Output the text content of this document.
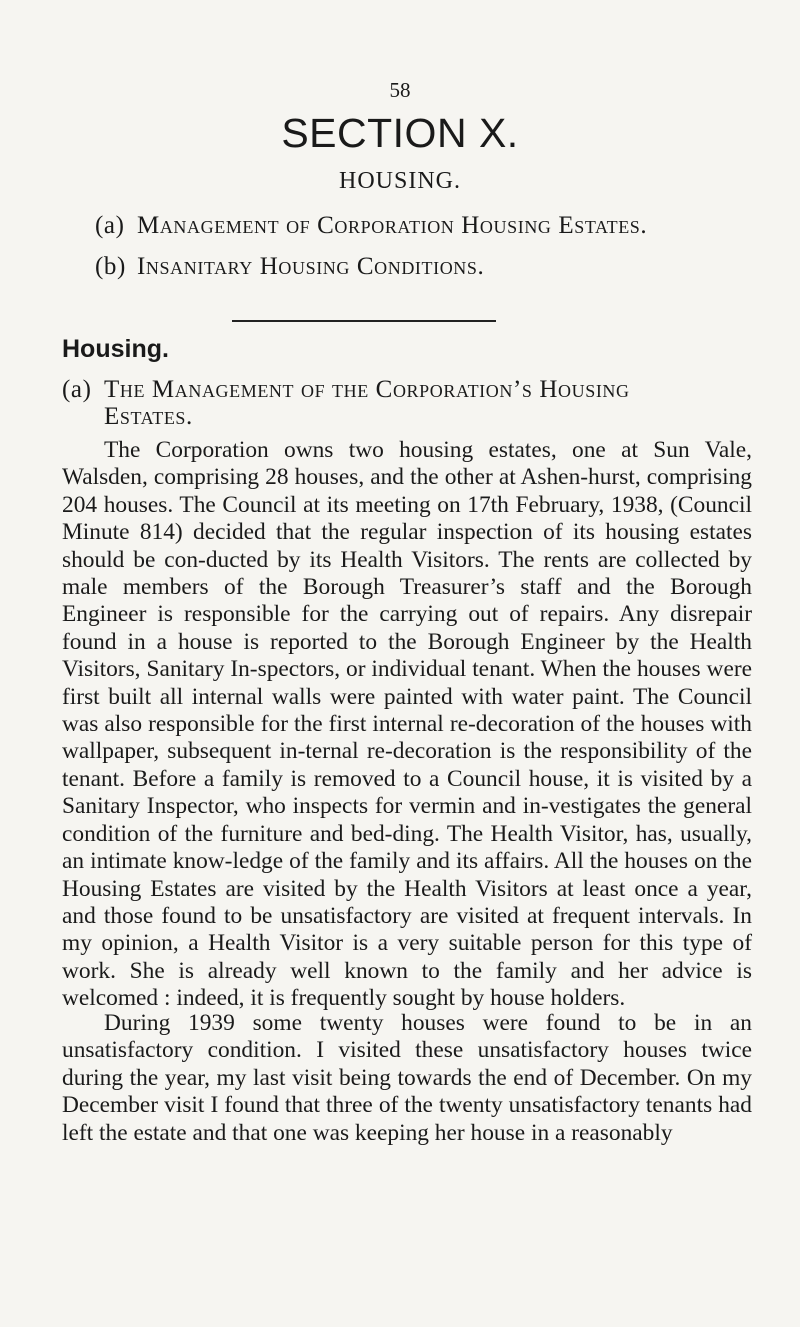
58
SECTION X.
HOUSING.
(a) Management of Corporation Housing Estates.
(b) Insanitary Housing Conditions.
Housing.
(a) The Management of the Corporation’s Housing
Estates.

The Corporation owns two housing estates, one at Sun Vale, Walsden, comprising 28 houses, and the other at Ashen-hurst, comprising 204 houses. The Council at its meeting on 17th February, 1938, (Council Minute 814) decided that the regular inspection of its housing estates should be con-ducted by its Health Visitors. The rents are collected by male members of the Borough Treasurer’s staff and the Borough Engineer is responsible for the carrying out of repairs. Any disrepair found in a house is reported to the Borough Engineer by the Health Visitors, Sanitary In-spectors, or individual tenant. When the houses were first built all internal walls were painted with water paint. The Council was also responsible for the first internal re-decoration of the houses with wallpaper, subsequent in-ternal re-decoration is the responsibility of the tenant. Before a family is removed to a Council house, it is visited by a Sanitary Inspector, who inspects for vermin and in-vestigates the general condition of the furniture and bed-ding. The Health Visitor, has, usually, an intimate know-ledge of the family and its affairs. All the houses on the Housing Estates are visited by the Health Visitors at least once a year, and those found to be unsatisfactory are visited at frequent intervals. In my opinion, a Health Visitor is a very suitable person for this type of work. She is already well known to the family and her advice is welcomed : indeed, it is frequently sought by house holders.

During 1939 some twenty houses were found to be in an unsatisfactory condition. I visited these unsatisfactory houses twice during the year, my last visit being towards the end of December. On my December visit I found that three of the twenty unsatisfactory tenants had left the estate and that one was keeping her house in a reasonably
